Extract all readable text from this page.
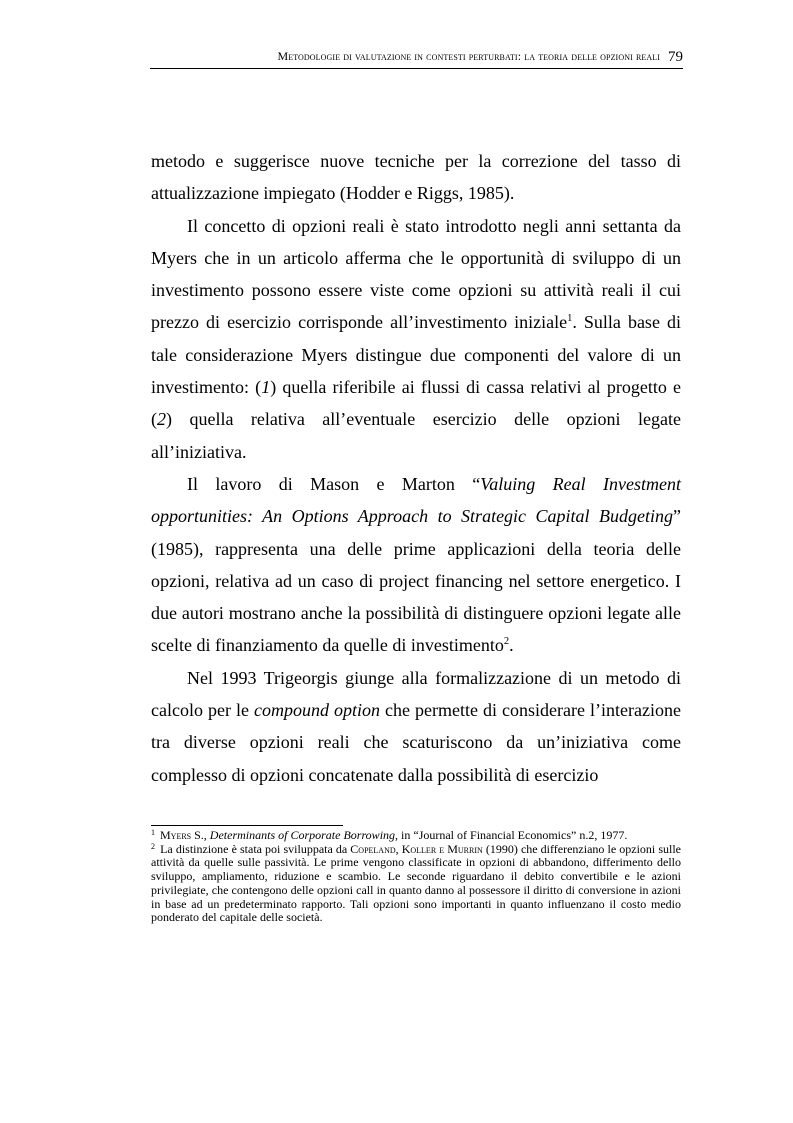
Metodologie di valutazione in contesti perturbati: la teoria delle opzioni reali 79

metodo e suggerisce nuove tecniche per la correzione del tasso di attualizzazione impiegato (Hodder e Riggs, 1985).

Il concetto di opzioni reali è stato introdotto negli anni settanta da Myers che in un articolo afferma che le opportunità di sviluppo di un investimento possono essere viste come opzioni su attività reali il cui prezzo di esercizio corrisponde all’investimento iniziale$^1$. Sulla base di tale considerazione Myers distingue due componenti del valore di un investimento: (1) quella riferibile ai flussi di cassa relativi al progetto e (2) quella relativa all’eventuale esercizio delle opzioni legate all’iniziativa.

Il lavoro di Mason e Marton “Valuing Real Investment opportunities: An Options Approach to Strategic Capital Budgeting” (1985), rappresenta una delle prime applicazioni della teoria delle opzioni, relativa ad un caso di project financing nel settore energetico. I due autori mostrano anche la possibilità di distinguere opzioni legate alle scelte di finanziamento da quelle di investimento$^2$.

Nel 1993 Trigeorgis giunge alla formalizzazione di un metodo di calcolo per le compound option che permette di considerare l’interazione tra diverse opzioni reali che scaturiscono da un’iniziativa come complesso di opzioni concatenate dalla possibilità di esercizio

$^1$ Myers S., Determinants of Corporate Borrowing, in “Journal of Financial Economics” n.2, 1977.

$^2$ La distinzione è stata poi sviluppata da Copeland, Koller e Murrin (1990) che differenziano le opzioni sulle attività da quelle sulle passività. Le prime vengono classificate in opzioni di abbandono, differimento dello sviluppo, ampliamento, riduzione e scambio. Le seconde riguardano il debito convertibile e le azioni privilegiate, che contengono delle opzioni call in quanto danno al possessore il diritto di conversione in azioni in base ad un predeterminato rapporto. Tali opzioni sono importanti in quanto influenzano il costo medio ponderato del capitale delle società.
